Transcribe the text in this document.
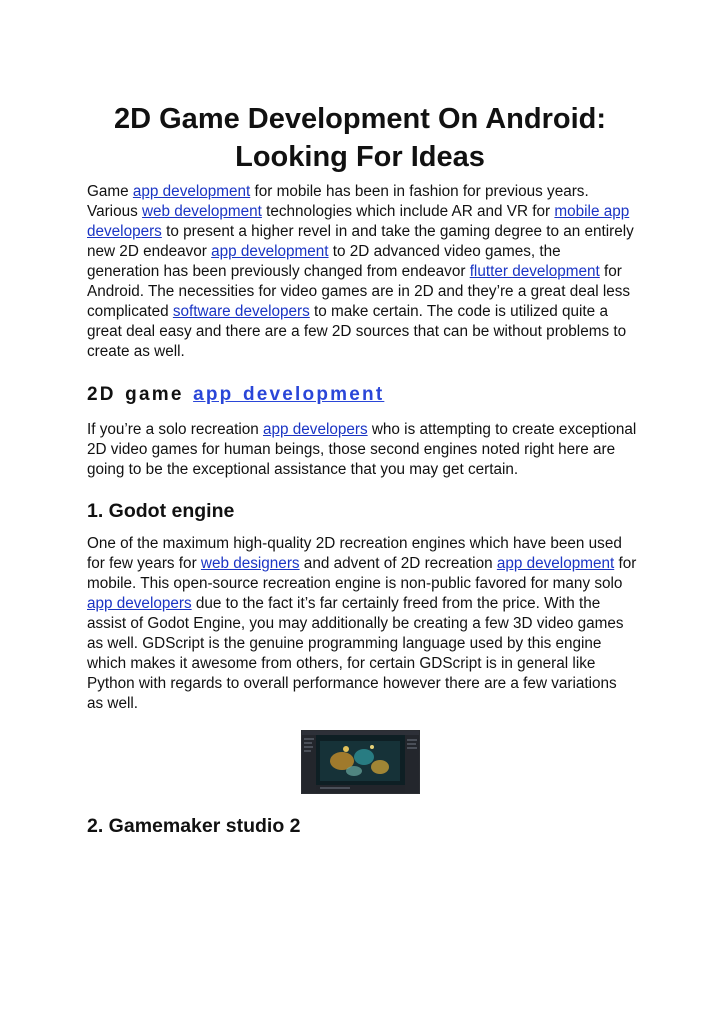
2D Game Development On Android:
Looking For Ideas

Game app development for mobile has been in fashion for previous years. Various web development technologies which include AR and VR for mobile app developers to present a higher revel in and take the gaming degree to an entirely new 2D endeavor app development to 2D advanced video games, the generation has been previously changed from endeavor flutter development for Android. The necessities for video games are in 2D and they’re a great deal less complicated software developers to make certain. The code is utilized quite a great deal easy and there are a few 2D sources that can be without problems to create as well.

2D game app development

If you’re a solo recreation app developers who is attempting to create exceptional 2D video games for human beings, those second engines noted right here are going to be the exceptional assistance that you may get certain.

1. Godot engine

One of the maximum high-quality 2D recreation engines which have been used for few years for web designers and advent of 2D recreation app development for mobile. This open-source recreation engine is non-public favored for many solo app developers due to the fact it’s far certainly freed from the price. With the assist of Godot Engine, you may additionally be creating a few 3D video games as well. GDScript is the genuine programming language used by this engine which makes it awesome from others, for certain GDScript is in general like Python with regards to overall performance however there are a few variations as well.

2. Gamemaker studio 2
